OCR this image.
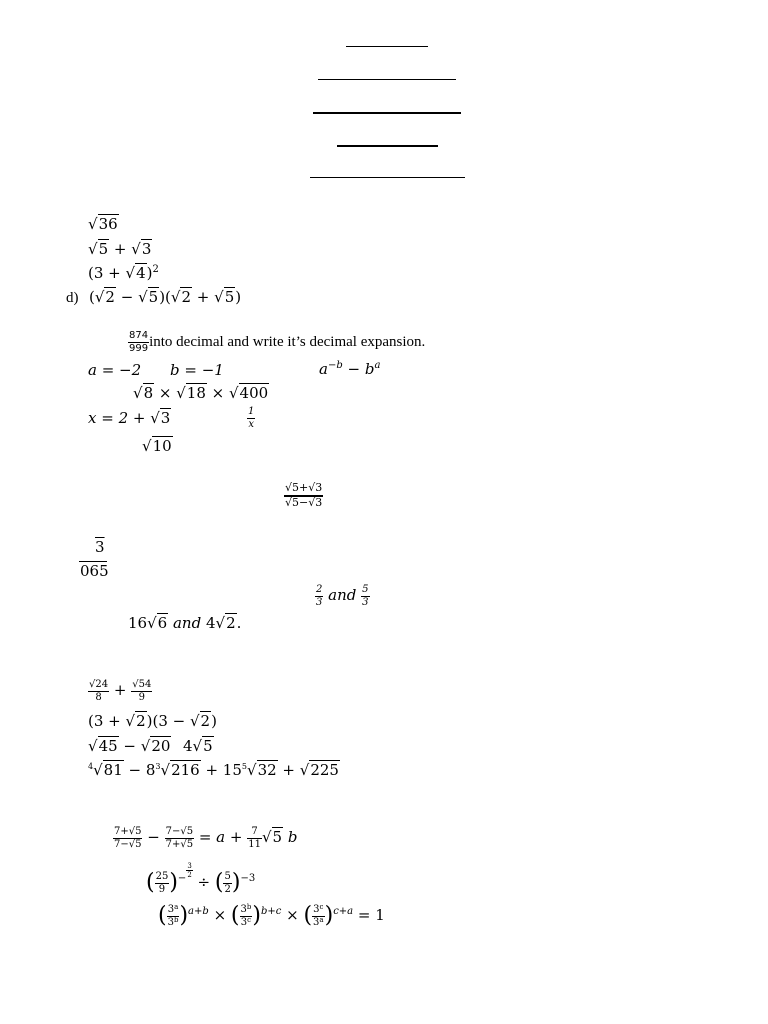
√36
√5 + √3
$(3 + √4)^2$
d) (√2 − √5)(√2 + √5)
$\frac{874}{999}$ into decimal and write it’s decimal expansion.
a = −2 b = −1	$a^{-b} - b^a$
√8 × √18 × √400
x = 2 + √3	$\frac{1}{x}$
√10
$\frac{√5+√3}{√5-√3}$
3
065
$\frac{2}{3}$ and $\frac{5}{3}$
16√6 and 4√2.
$\frac{√24}{8} + \frac{√54}{9}$
(3 + √2)(3 − √2)
√45 − √20 4√5
$^4√81 - 8^3√216 + 15^5√32 + √225$
$\frac{7+√5}{7-√5} - \frac{7-√5}{7+√5} = a + \frac{7}{11} √5$ b
( $\frac{25}{9} )^{- \frac{3}{2}}$
÷ ( $\frac{5}{2} )^{-3}$
( $\frac{3^a}{3^b} )^{a+b}$ × ( $\frac{3^b}{3^c} )^{b+c}$ × ( $\frac{3^c}{3^a} )^{c+a} = 1$
